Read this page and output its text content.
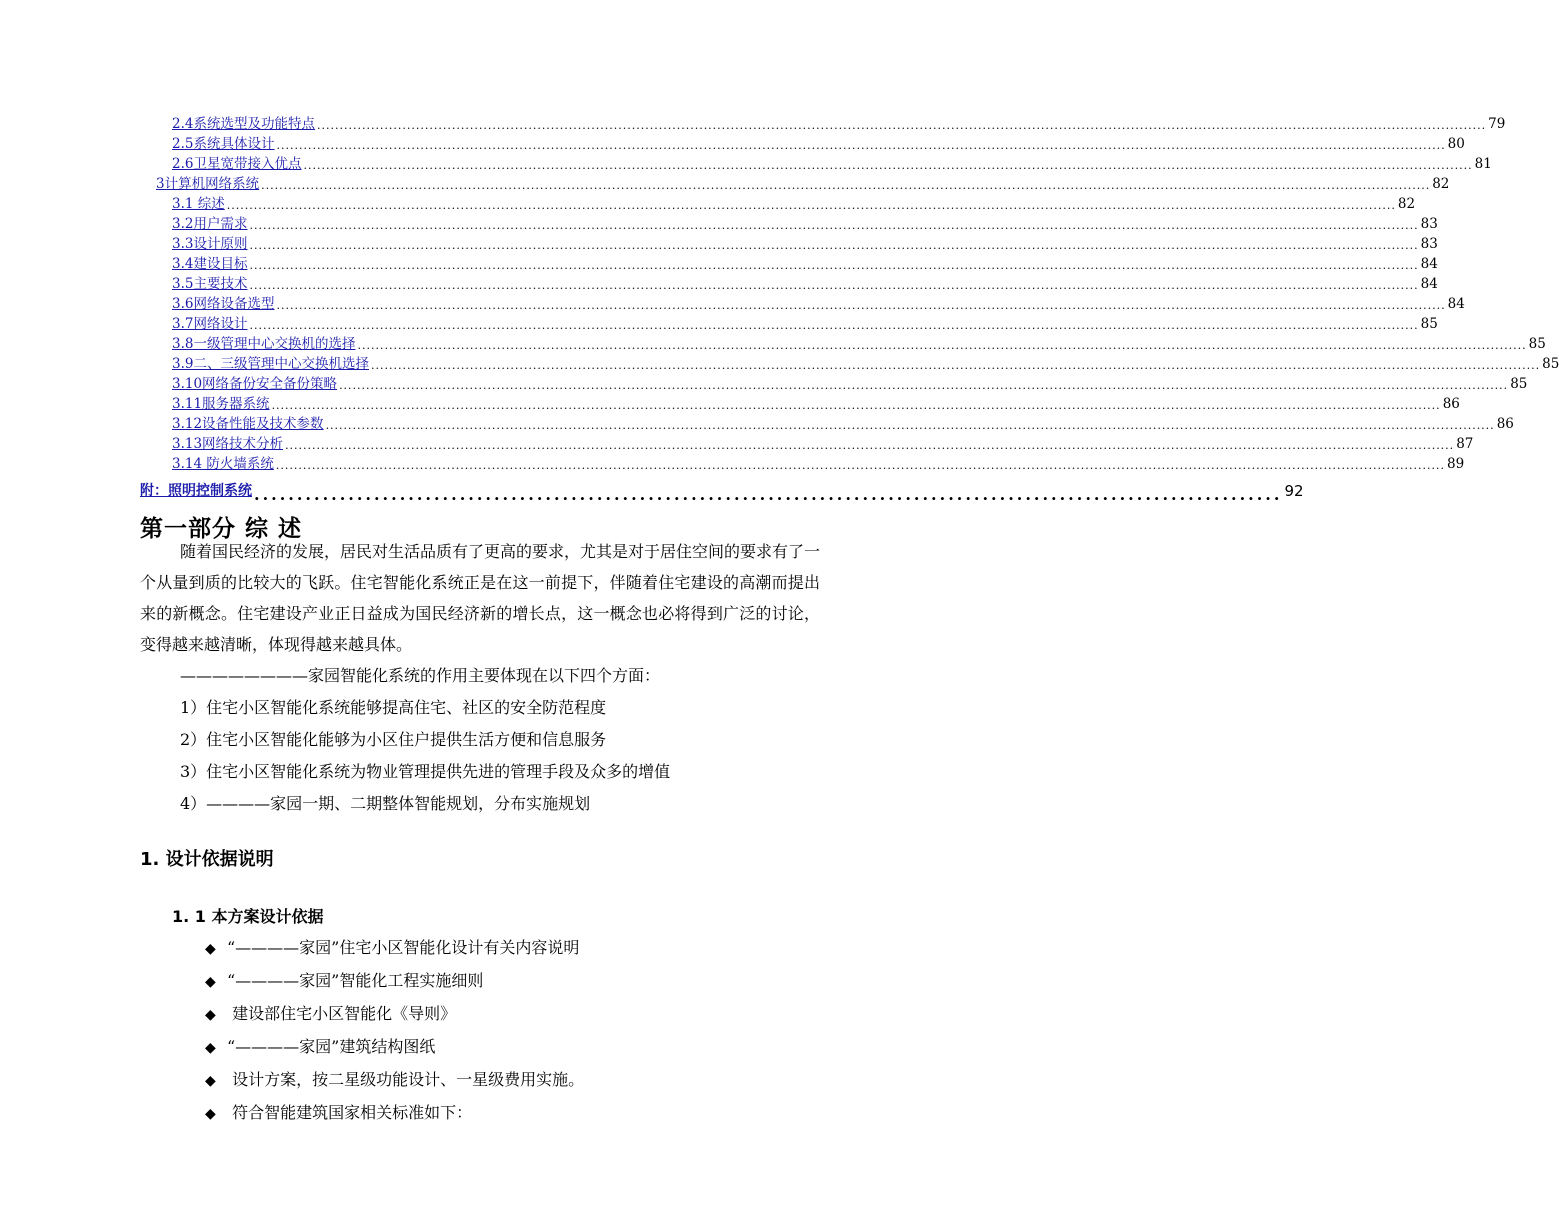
2.4系统选型及功能特点 .................................................................................................................................................................................................................................................................... 79
2.5系统具体设计 .................................................................................................................................................................................................................................................................... 80
2.6卫星宽带接入优点 .................................................................................................................................................................................................................................................................... 81
3计算机网络系统 .................................................................................................................................................................................................................................................................... 82
3.1 综述 .................................................................................................................................................................................................................................................................... 82
3.2用户需求 .................................................................................................................................................................................................................................................................... 83
3.3设计原则 .................................................................................................................................................................................................................................................................... 83
3.4建设目标 .................................................................................................................................................................................................................................................................... 84
3.5主要技术 .................................................................................................................................................................................................................................................................... 84
3.6网络设备选型 .................................................................................................................................................................................................................................................................... 84
3.7网络设计 .................................................................................................................................................................................................................................................................... 85
3.8一级管理中心交换机的选择 .................................................................................................................................................................................................................................................................... 85
3.9二、三级管理中心交换机选择 .................................................................................................................................................................................................................................................................... 85
3.10网络备份安全备份策略 .................................................................................................................................................................................................................................................................... 85
3.11服务器系统 .................................................................................................................................................................................................................................................................... 86
3.12设备性能及技术参数 .................................................................................................................................................................................................................................................................... 86
3.13网络技术分析 .................................................................................................................................................................................................................................................................... 87
3.14 防火墙系统 .................................................................................................................................................................................................................................................................... 89
附：照明控制系统 ........................................................................................................................ 92
第一部分 综 述

随着国民经济的发展，居民对生活品质有了更高的要求，尤其是对于居住空间的要求有了一个从量到质的比较大的飞跃。住宅智能化系统正是在这一前提下，伴随着住宅建设的高潮而提出来的新概念。住宅建设产业正日益成为国民经济新的增长点，这一概念也必将得到广泛的讨论，变得越来越清晰，体现得越来越具体。

————————家园智能化系统的作用主要体现在以下四个方面：

1）住宅小区智能化系统能够提高住宅、社区的安全防范程度

2）住宅小区智能化能够为小区住户提供生活方便和信息服务

3）住宅小区智能化系统为物业管理提供先进的管理手段及众多的增值

4）————家园一期、二期整体智能规划，分布实施规划

1. 设计依据说明
1. 1 本方案设计依据
◆ “————家园”住宅小区智能化设计有关内容说明
◆ “————家园”智能化工程实施细则
◆ 建设部住宅小区智能化《导则》
◆ “————家园”建筑结构图纸
◆ 设计方案，按二星级功能设计、一星级费用实施。
◆ 符合智能建筑国家相关标准如下：
